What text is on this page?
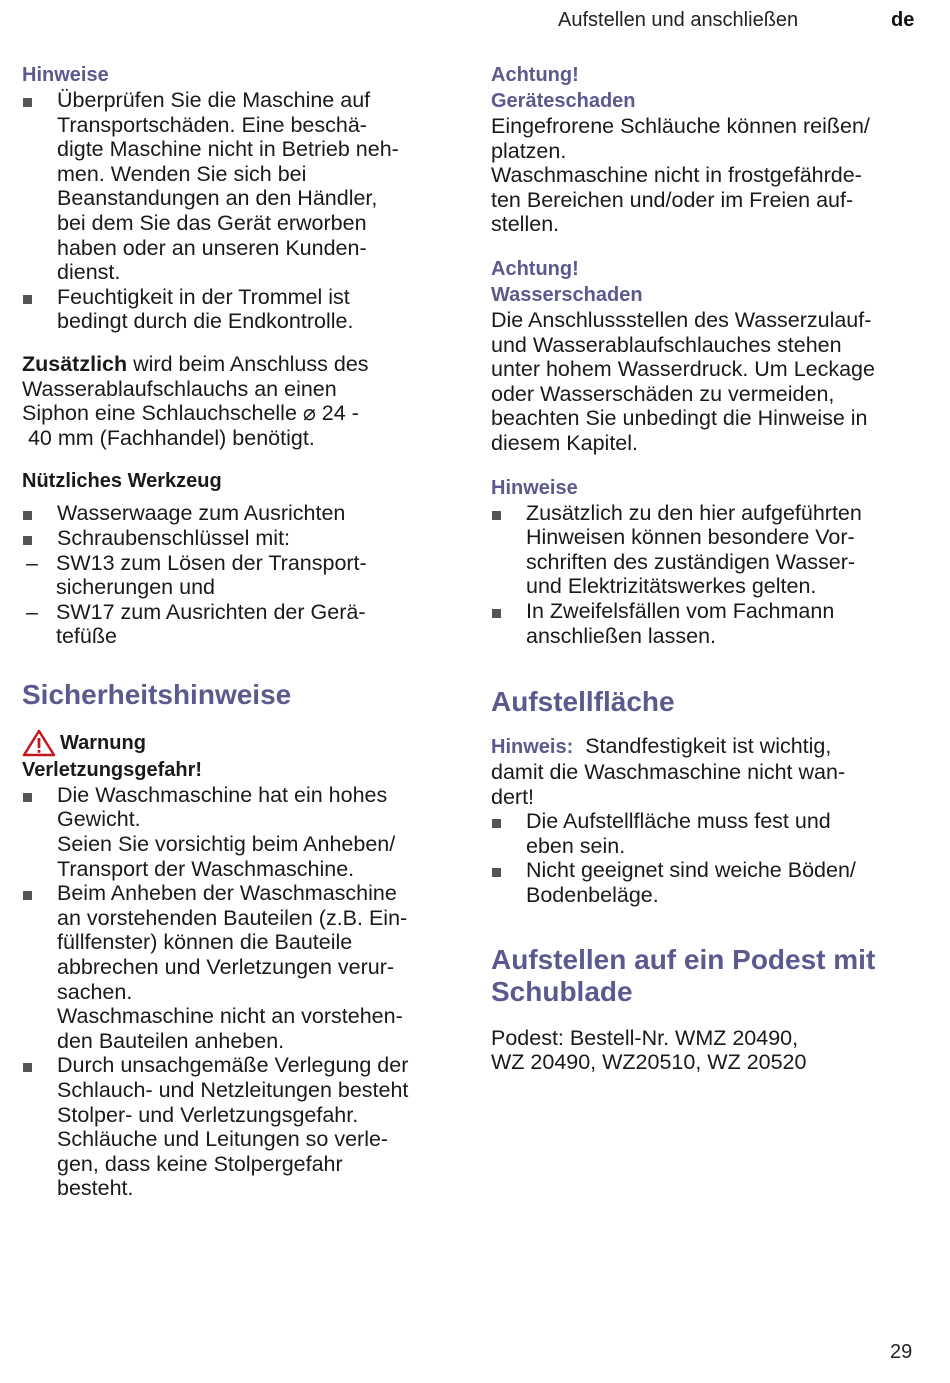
Aufstellen und anschließen	de
Hinweise
Überprüfen Sie die Maschine auf
Transportschäden. Eine beschä-
digte Maschine nicht in Betrieb neh-
men. Wenden Sie sich bei
Beanstandungen an den Händler,
bei dem Sie das Gerät erworben
haben oder an unseren Kunden-
dienst.
Feuchtigkeit in der Trommel ist
bedingt durch die Endkontrolle.

Zusätzlich wird beim Anschluss des
Wasserablaufschlauchs an einen
Siphon eine Schlauchschelle ⌀ 24 -
40 mm (Fachhandel) benötigt.

Nützliches Werkzeug
Wasserwaage zum Ausrichten
Schraubenschlüssel mit:
– SW13 zum Lösen der Transport-
sicherungen und
– SW17 zum Ausrichten der Gerä-
tefüße
Sicherheitshinweise
Warnung
Verletzungsgefahr!
Die Waschmaschine hat ein hohes
Gewicht.
Seien Sie vorsichtig beim Anheben/
Transport der Waschmaschine.
Beim Anheben der Waschmaschine
an vorstehenden Bauteilen (z.B. Ein-
füllfenster) können die Bauteile
abbrechen und Verletzungen verur-
sachen.
Waschmaschine nicht an vorstehen-
den Bauteilen anheben.
Durch unsachgemäße Verlegung der
Schlauch- und Netzleitungen besteht
Stolper- und Verletzungsgefahr.
Schläuche und Leitungen so verle-
gen, dass keine Stolpergefahr
besteht.
Achtung!
Geräteschaden

Eingefrorene Schläuche können reißen/
platzen.
Waschmaschine nicht in frostgefährde-
ten Bereichen und/oder im Freien auf-
stellen.

Achtung!
Wasserschaden

Die Anschlussstellen des Wasserzulauf-
und Wasserablaufschlauches stehen
unter hohem Wasserdruck. Um Leckage
oder Wasserschäden zu vermeiden,
beachten Sie unbedingt die Hinweise in
diesem Kapitel.

Hinweise
Zusätzlich zu den hier aufgeführten
Hinweisen können besondere Vor-
schriften des zuständigen Wasser-
und Elektrizitätswerkes gelten.
In Zweifelsfällen vom Fachmann
anschließen lassen.
Aufstellfläche

Hinweis:  Standfestigkeit ist wichtig,
damit die Waschmaschine nicht wan-
dert!

Die Aufstellfläche muss fest und
eben sein.
Nicht geeignet sind weiche Böden/
Bodenbeläge.
Aufstellen auf ein Podest mit
Schublade

Podest: Bestell-Nr. WMZ 20490,
WZ 20490, WZ20510, WZ 20520

29
